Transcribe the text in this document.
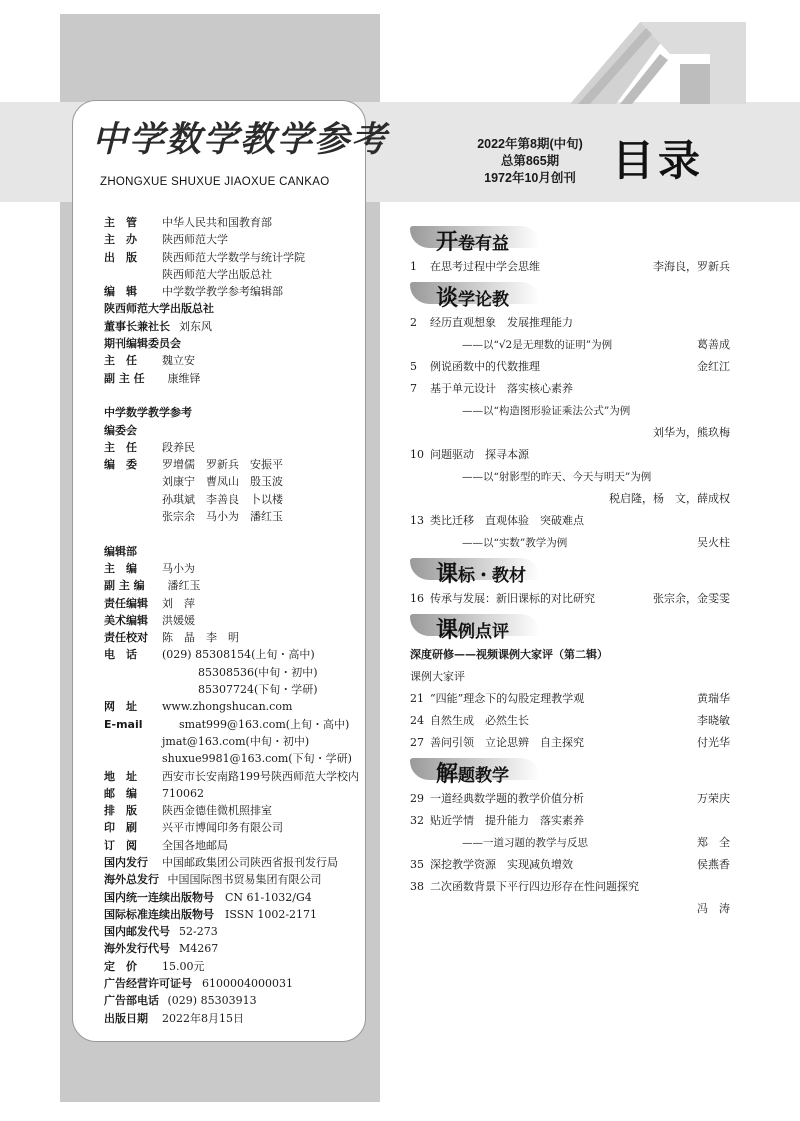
中学数学教学参考
ZHONGXUE SHUXUE JIAOXUE CANKAO
2022年第8期(中旬)
总第865期
1972年10月创刊 目录
主　管 中华人民共和国教育部
主　办 陕西师范大学
出　版 陕西师范大学数学与统计学院
陕西师范大学出版总社
编　辑 中学数学教学参考编辑部
陕西师范大学出版总社
董事长兼社长 刘东风
期刊编辑委员会
主　任 魏立安
副 主 任 康维铎
中学数学教学参考
编委会
主　任 段养民
编　委 罗增儒　罗新兵　安振平
刘康宁　曹凤山　殷玉波
孙琪斌　李善良　卜以楼
张宗余　马小为　潘红玉
编辑部
主　编 马小为
副 主 编 潘红玉
责任编辑 刘　萍
美术编辑 洪媛媛
责任校对 陈　晶　李　明
电　话 (029) 85308154(上旬・高中)
85308536(中旬・初中)
85307724(下旬・学研)
网　址 www.zhongshucan.com
E-mail	smat999@163.com(上旬・高中)
jmat@163.com(中旬・初中)
shuxue9981@163.com(下旬・学研)
地　址 西安市长安南路199号陕西师范大学校内
邮　编 710062
排　版 陕西金德佳微机照排室
印　刷 兴平市博闻印务有限公司
订　阅 全国各地邮局
国内发行 中国邮政集团公司陕西省报刊发行局
海外总发行 中国国际图书贸易集团有限公司
国内统一连续出版物号 CN 61-1032/G4
国际标准连续出版物号 ISSN 1002-2171
国内邮发代号 52-273
海外发行代号 M4267
定　价 15.00元
广告经营许可证号 6100004000031
广告部电话 (029) 85303913
出版日期 2022年8月15日
开卷有益
1 在思考过程中学会思维	李海良，罗新兵
谈学论教
2 经历直观想象　发展推理能力
——以“√2是无理数的证明”为例	葛善成
5 例说函数中的代数推理	金红江
7 基于单元设计　落实核心素养
——以“构造图形验证乘法公式”为例
刘华为，熊玖梅
10 问题驱动　探寻本源
——以“射影型的昨天、今天与明天”为例
税启隆，杨　文，薛成权
13 类比迁移　直观体验　突破难点
——以“实数”教学为例	吴火柱
课标・教材
16 传承与发展：新旧课标的对比研究	张宗余，金雯雯
课例点评
深度研修——视频课例大家评（第二辑）
课例大家评
21 “四能”理念下的勾股定理教学观	黄瑞华
24 自然生成　必然生长	李晓敏
27 善问引领　立论思辨　自主探究	付光华
解题教学
29 一道经典数学题的教学价值分析	万荣庆
32 贴近学情　提升能力　落实素养
——一道习题的教学与反思	郑　全
35 深挖教学资源　实现减负增效	侯燕香
38 二次函数背景下平行四边形存在性问题探究
冯　涛
